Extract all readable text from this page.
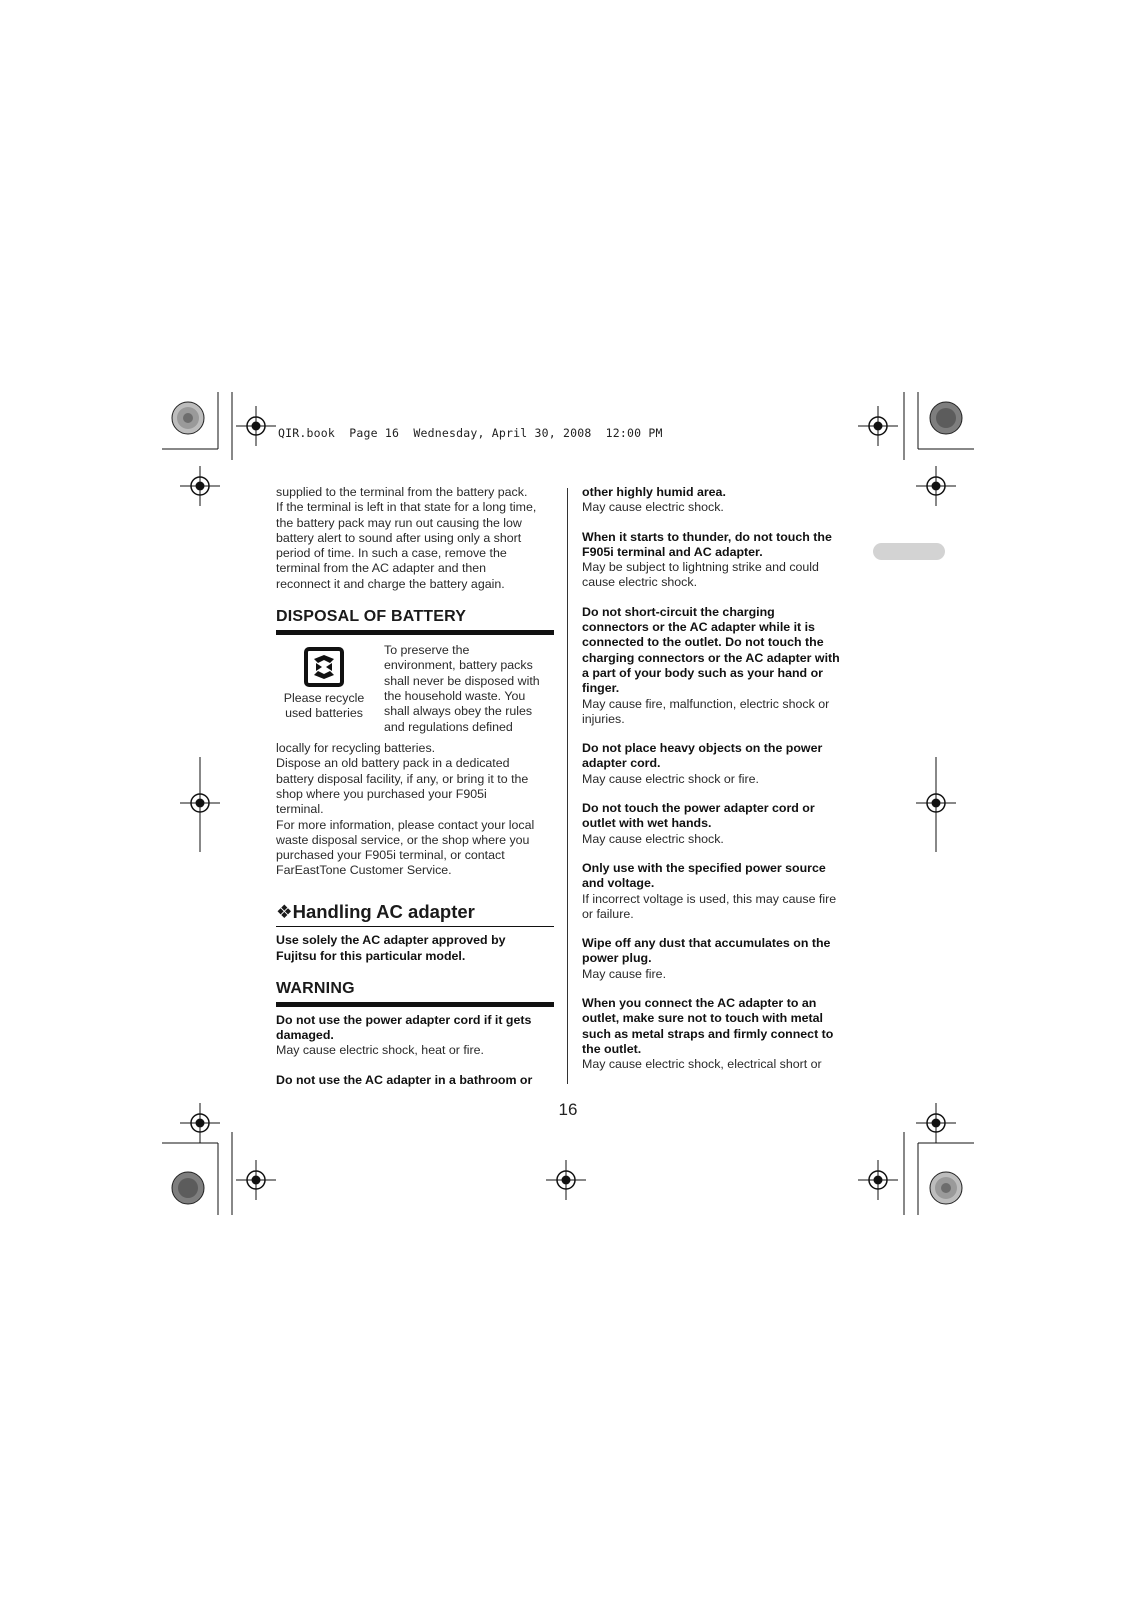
QIR.book  Page 16  Wednesday, April 30, 2008  12:00 PM

supplied to the terminal from the battery pack.

If the terminal is left in that state for a long time,

the battery pack may run out causing the low

battery alert to sound after using only a short

period of time. In such a case, remove the

terminal from the AC adapter and then

reconnect it and charge the battery again.

DISPOSAL OF BATTERY
Please recycle
used batteries

To preserve the

environment, battery packs

shall never be disposed with

the household waste. You

shall always obey the rules

and regulations defined

locally for recycling batteries.

Dispose an old battery pack in a dedicated

battery disposal facility, if any, or bring it to the

shop where you purchased your F905i

terminal.

For more information, please contact your local

waste disposal service, or the shop where you

purchased your F905i terminal, or contact

FarEastTone Customer Service.

❖Handling AC adapter

Use solely the AC adapter approved by

Fujitsu for this particular model.

WARNING

Do not use the power adapter cord if it gets

damaged.

May cause electric shock, heat or fire.

Do not use the AC adapter in a bathroom or

other highly humid area.

May cause electric shock.

When it starts to thunder, do not touch the

F905i terminal and AC adapter.

May be subject to lightning strike and could

cause electric shock.

Do not short-circuit the charging

connectors or the AC adapter while it is

connected to the outlet. Do not touch the

charging connectors or the AC adapter with

a part of your body such as your hand or

finger.

May cause fire, malfunction, electric shock or

injuries.

Do not place heavy objects on the power

adapter cord.

May cause electric shock or fire.

Do not touch the power adapter cord or

outlet with wet hands.

May cause electric shock.

Only use with the specified power source

and voltage.

If incorrect voltage is used, this may cause fire

or failure.

Wipe off any dust that accumulates on the

power plug.

May cause fire.

When you connect the AC adapter to an

outlet, make sure not to touch with metal

such as metal straps and firmly connect to

the outlet.

May cause electric shock, electrical short or

16
